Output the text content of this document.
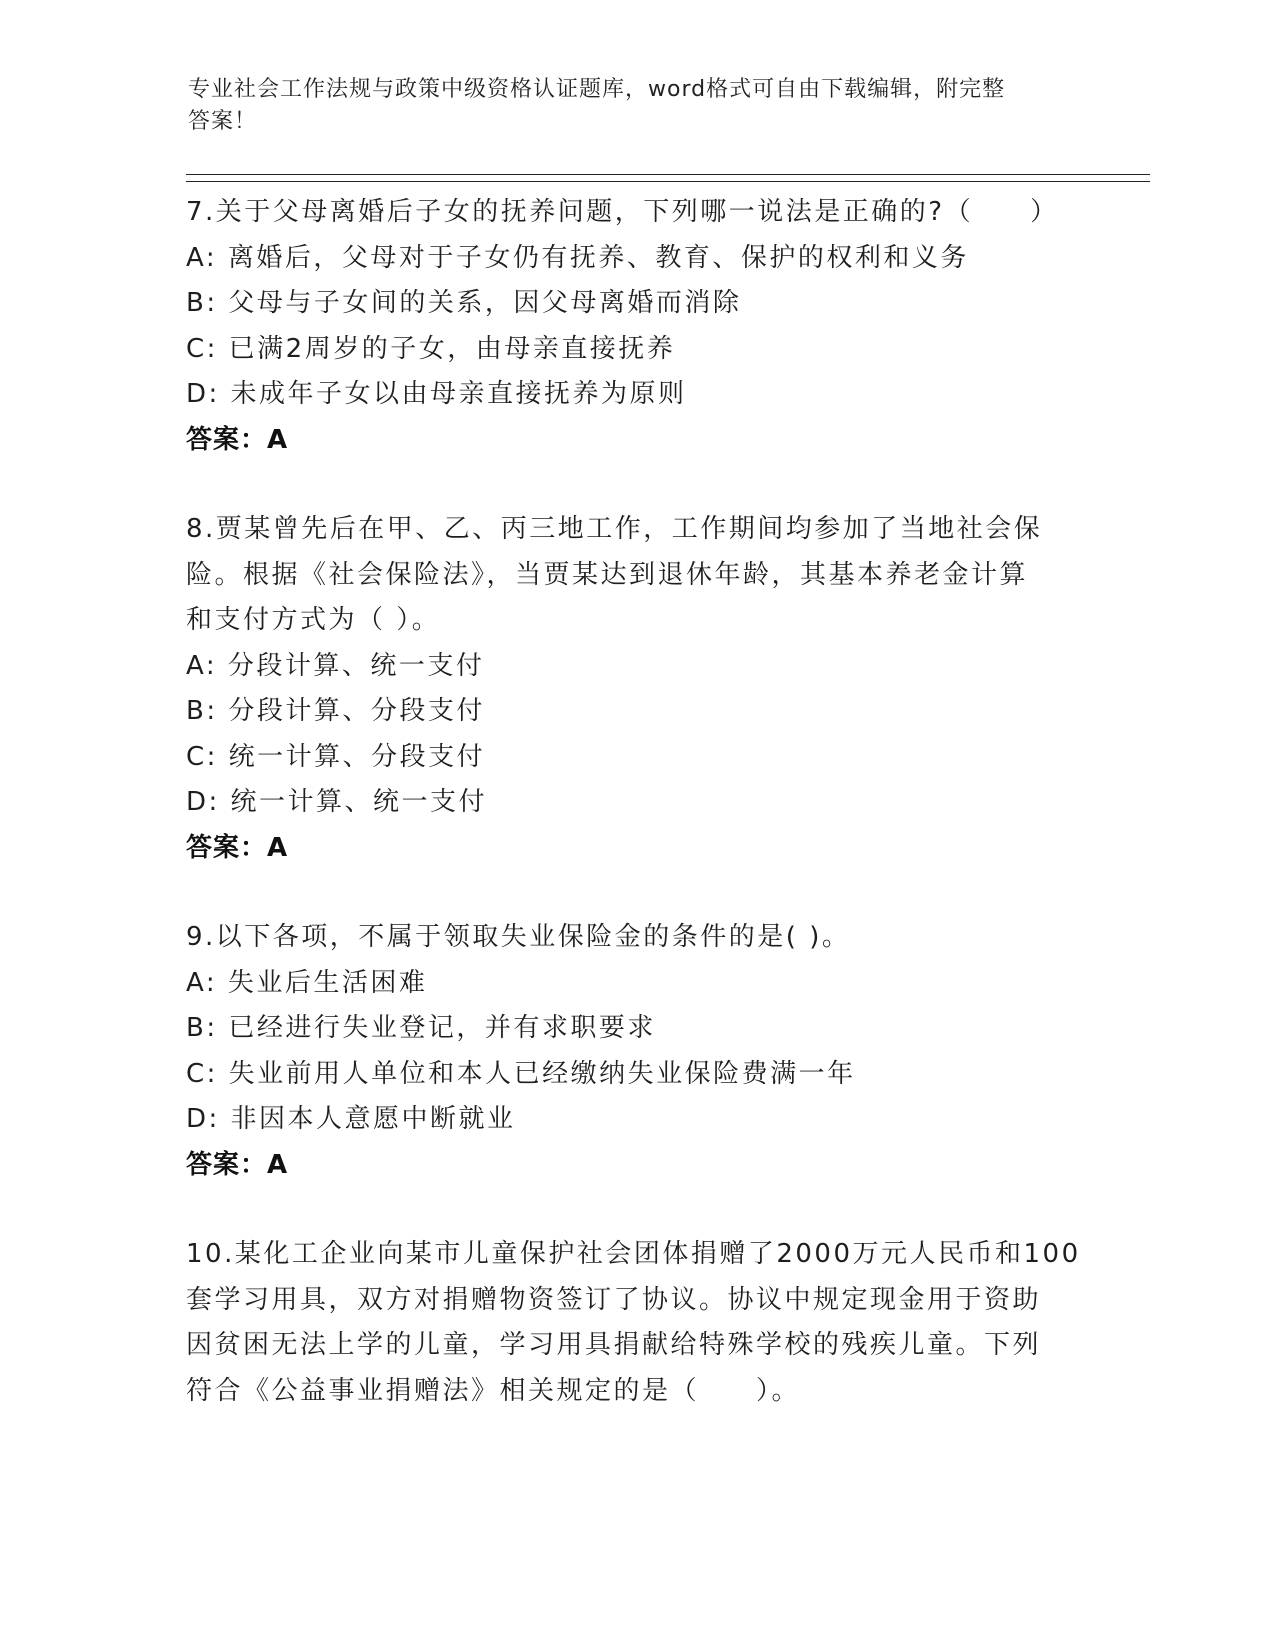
专业社会工作法规与政策中级资格认证题库，word格式可自由下载编辑，附完整
答案！
7.关于父母离婚后子女的抚养问题，下列哪一说法是正确的?（　　）
A: 离婚后，父母对于子女仍有抚养、教育、保护的权利和义务
B: 父母与子女间的关系，因父母离婚而消除
C: 已满2周岁的子女，由母亲直接抚养
D: 未成年子女以由母亲直接抚养为原则
答案：A
8.贾某曾先后在甲、乙、丙三地工作，工作期间均参加了当地社会保
险。根据《社会保险法》，当贾某达到退休年龄，其基本养老金计算
和支付方式为（ ）。
A: 分段计算、统一支付
B: 分段计算、分段支付
C: 统一计算、分段支付
D: 统一计算、统一支付
答案：A
9.以下各项，不属于领取失业保险金的条件的是( )。
A: 失业后生活困难
B: 已经进行失业登记，并有求职要求
C: 失业前用人单位和本人已经缴纳失业保险费满一年
D: 非因本人意愿中断就业
答案：A
10.某化工企业向某市儿童保护社会团体捐赠了2000万元人民币和100
套学习用具，双方对捐赠物资签订了协议。协议中规定现金用于资助
因贫困无法上学的儿童，学习用具捐献给特殊学校的残疾儿童。下列
符合《公益事业捐赠法》相关规定的是（　　）。
